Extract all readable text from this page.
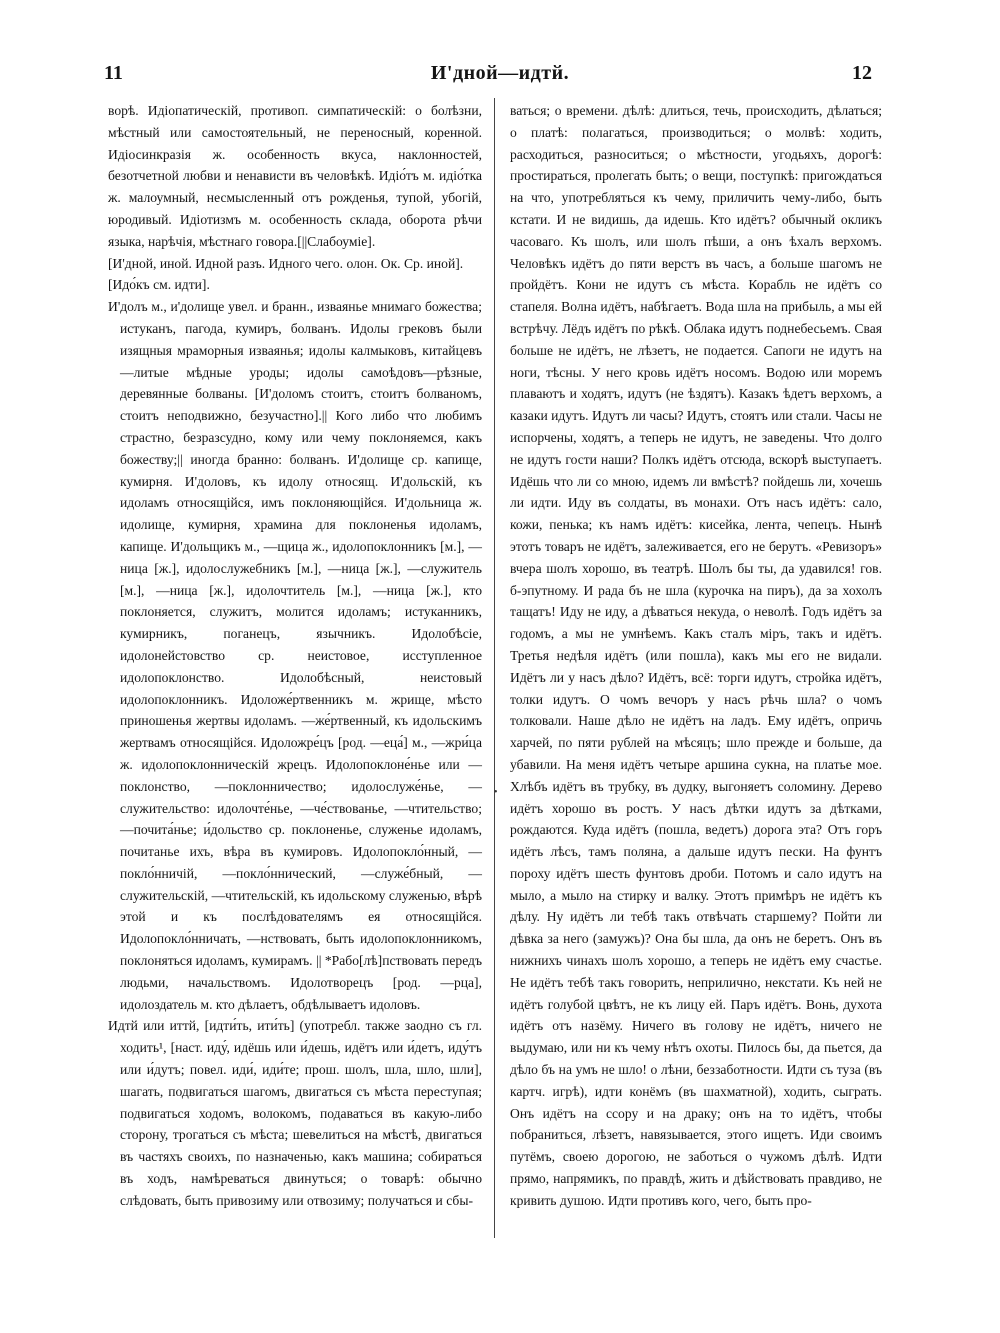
11	И'дной—идтй.	12

ворѣ. Идіопатическій, противоп. симпатическій: о болѣзни, мѣстный или самостоятельный, не переносный, коренной. Идіосинкразія ж. особенность вкуса, наклонностей, безотчетной любви и ненависти въ человѣкѣ. Идіо́тъ м. идіо́тка ж. малоумный, несмысленный отъ рожденья, тупой, убогій, юродивый. Идіотизмъ м. особенность склада, оборота рѣчи языка, нарѣчія, мѣстнаго говора.[||Слабоумiе].

[И'дной, иной. Идной разъ. Идного чего. олон. Ок. Ср. иной].

[Идо́къ см. идти].

И'долъ м., и'долище увел. и бранн., изваянье мнимаго божества; истуканъ, пагода, кумиръ, болванъ. Идолы грековъ были изящныя мраморныя изваянья; идолы калмыковъ, китайцевъ—литые мѣдные уроды; идолы самоѣдовъ—рѣзные, деревянные болваны. [И'доломъ стоитъ, стоитъ болваномъ, стоитъ неподвижно, безучастно].|| Кого либо что любимъ страстно, безразсудно, кому или чему поклоняемся, какъ божеству;|| иногда бранно: болванъ. И'долище ср. капище, кумирня. И'доловъ, къ идолу относящ. И'дольскій, къ идоламъ относящійся, имъ поклоняющійся. И'дольница ж. идолище, кумирня, храмина для поклоненья идоламъ, капище. И'дольщикъ м., —щица ж., идолопоклонникъ [м.], —ница [ж.], идолослужебникъ [м.], —ница [ж.], —служитель [м.], —ница [ж.], идолочтитель [м.], —ница [ж.], кто поклоняется, служитъ, молится идоламъ; истуканникъ, кумирникъ, поганецъ, язычникъ. Идолобѣсіе, идолонейстовство ср. неистовое, исступленное идолопоклонство. Идолобѣсный, неистовый идолопоклонникъ. Идоложе́ртвенникъ м. жрище, мѣсто приношенья жертвы идоламъ. —же́ртвенный, къ идольскимъ жертвамъ относящійся. Идоложре́цъ [род. —еца́] м., —жри́ца ж. идолопоклонническій жрецъ. Идолопоклоне́нье или —поклонство, —поклонничество; идолослуже́нье, —служительство: идолочте́нье, —че́ствованье, —чтительство; —почита́нье; и́дольство ср. поклоненье, служенье идоламъ, почитанье ихъ, вѣра въ кумировъ. Идолопокло́нный, —покло́нничій, —покло́ннический, —служе́бный, —служительскій, —чтительскій, къ идольскому служенью, вѣрѣ этой и къ послѣдователямъ ея относящійся. Идолопокло́нничать, —нствовать, быть идолопоклонникомъ, поклоняться идоламъ, кумирамъ. || *Рабо[лѣ]пствовать передъ людьми, начальствомъ. Идолотворецъ [род. —рца], идолоздатель м. кто дѣлаетъ, обдѣлываетъ идоловъ.

Идтй или иттй, [идти́ть, ити́ть] (употребл. также заодно съ гл. ходить¹, [наст. иду́, идёшь или и́дешь, идётъ или и́детъ, иду́тъ или и́дутъ; повел. иди́, иди́те; прош. шолъ, шла, шло, шли], шагать, подвигаться шагомъ, двигаться съ мѣста переступая; подвигаться ходомъ, волокомъ, подаваться въ какую-либо сторону, трогаться съ мѣста; шевелиться на мѣстѣ, двигаться въ частяхъ своихъ, по назначенью, какъ машина; собираться въ ходъ, намѣреваться двинуться; о товарѣ: обычно слѣдовать, быть привозиму или отвозиму; получаться и сбы-

•

ваться; о времени. дѣлѣ: длиться, течь, происходить, дѣлаться; о платѣ: полагаться, производиться; о молвѣ: ходить, расходиться, разноситься; о мѣстности, угодьяхъ, дорогѣ: простираться, пролегать быть; о вещи, поступкѣ: пригождаться на что, употребляться къ чему, приличить чему-либо, быть кстати. И не видишь, да идешь. Кто идётъ? обычный окликъ часоваго. Къ шолъ, или шолъ пѣши, а онъ ѣхалъ верхомъ. Человѣкъ идётъ до пяти верстъ въ часъ, а больше шагомъ не пройдётъ. Кони не идутъ съ мѣста. Корабль не идётъ со стапеля. Волна идётъ, набѣгаетъ. Вода шла на прибыль, а мы ей встрѣчу. Лёдъ идётъ по рѣкѣ. Облака идутъ поднебесьемъ. Свая больше не идётъ, не лѣзетъ, не подается. Сапоги не идутъ на ноги, тѣсны. У него кровь идётъ носомъ. Водою или моремъ плаваютъ и ходятъ, идутъ (не ѣздятъ). Казакъ ѣдетъ верхомъ, а казаки идутъ. Идутъ ли часы? Идутъ, стоятъ или стали. Часы не испорчены, ходятъ, а теперь не идутъ, не заведены. Что долго не идутъ гости наши? Полкъ идётъ отсюда, вскорѣ выступаетъ. Идёшь что ли со мною, идемъ ли вмѣстѣ? пойдешь ли, хочешь ли идти. Иду въ солдаты, въ монахи. Отъ насъ идётъ: сало, кожи, пенька; къ намъ идётъ: кисейка, лента, чепецъ. Нынѣ этотъ товаръ не идётъ, залеживается, его не берутъ. «Ревизоръ» вчера шолъ хорошо, въ театрѣ. Шолъ бы ты, да удавился! гов. б-эпутному. И рада бъ не шла (курочка на пиръ), да за хохолъ тащатъ! Иду не иду, а дѣваться некуда, о неволѣ. Годъ идётъ за годомъ, а мы не умнѣемъ. Какъ сталъ міръ, такъ и идётъ. Третья недѣля идётъ (или пошла), какъ мы его не видали. Идётъ ли у насъ дѣло? Идётъ, всё: торги идутъ, стройка идётъ, толки идутъ. О чомъ вечоръ у насъ рѣчь шла? о чомъ толковали. Наше дѣло не идётъ на ладъ. Ему идётъ, опричь харчей, по пяти рублей на мѣсяцъ; шло прежде и больше, да убавили. На меня идётъ четыре аршина сукна, на платье мое. Хлѣбъ идётъ въ трубку, въ дудку, выгоняетъ соломину. Дерево идётъ хорошо въ ростъ. У насъ дѣтки идутъ за дѣтками, рождаются. Куда идётъ (пошла, ведетъ) дорога эта? Отъ горъ идётъ лѣсъ, тамъ поляна, а дальше идутъ пески. На фунтъ пороху идётъ шесть фунтовъ дроби. Потомъ и сало идутъ на мыло, а мыло на стирку и валку. Этотъ примѣръ не идётъ къ дѣлу. Ну идётъ ли тебѣ такъ отвѣчать старшему? Пойти ли дѣвка за него (замужъ)? Она бы шла, да онъ не беретъ. Онъ въ нижнихъ чинахъ шолъ хорошо, а теперь не идётъ ему счастье. Не идётъ тебѣ такъ говорить, неприлично, некстати. Къ ней не идётъ голубой цвѣтъ, не къ лицу ей. Паръ идётъ. Вонь, духота идётъ отъ назёму. Ничего въ голову не идётъ, ничего не выдумаю, или ни къ чему нѣтъ охоты. Пилось бы, да пьется, да дѣло бъ на умъ не шло! о лѣни, беззаботности. Идти съ туза (въ картч. игрѣ), идти конёмъ (въ шахматной), ходить, сыграть. Онъ идётъ на ссору и на драку; онъ на то идётъ, чтобы побраниться, лѣзетъ, навязывается, этого ищетъ. Иди своимъ путёмъ, своею дорогою, не заботься о чужомъ дѣлѣ. Идти прямо, напрямикъ, по правдѣ, жить и дѣйствовать правдиво, не кривить душою. Идти противъ кого, чего, быть про-
